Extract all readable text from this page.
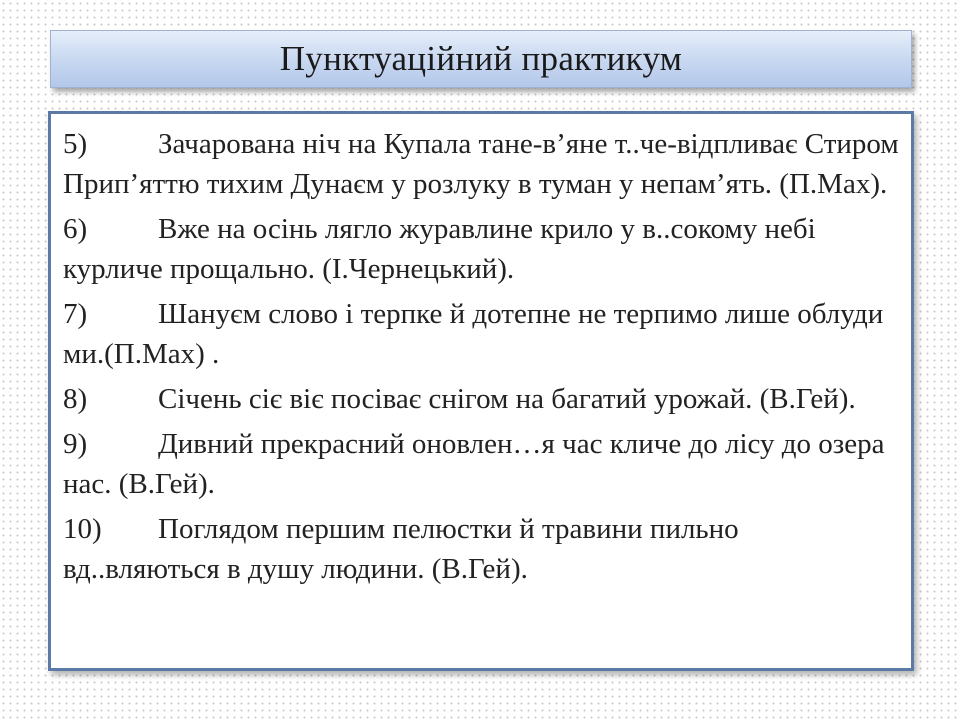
Пунктуаційний практикум
5) Зачарована ніч на Купала тане-в’яне т..че-відпливає Стиром Прип’яттю тихим Дунаєм у розлуку в туман у непам’ять. (П.Мах).
6) Вже на осінь лягло журавлине крило у в..сокому небі курличе прощально. (І.Чернецький).
7) Шануєм слово і терпке й дотепне не терпимо лише облуди ми.(П.Мах) .
8) Січень сіє віє посіває снігом на багатий урожай. (В.Гей).
9) Дивний прекрасний оновлен…я час кличе до лісу до озера нас. (В.Гей).
10) Поглядом першим пелюстки й травини пильно вд..вляються в душу людини. (В.Гей).
